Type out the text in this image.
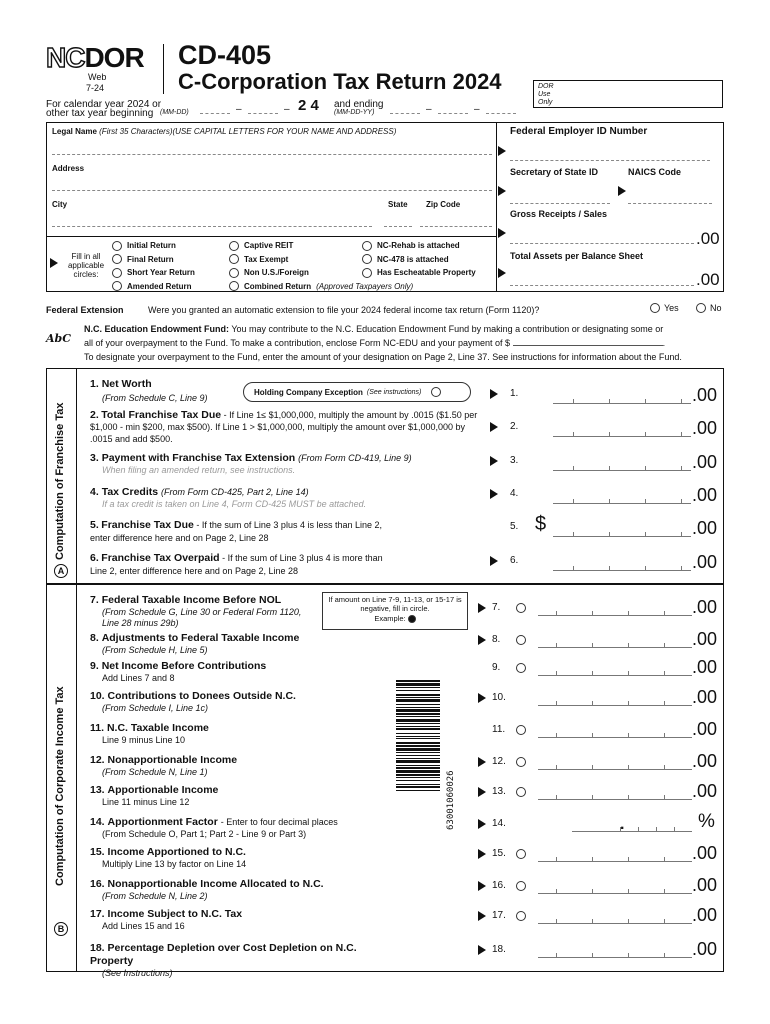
NCDOR
Web
7-24
CD-405
C-Corporation Tax Return 2024	DOR Use Only
For calendar year 2024 or
other tax year beginning (MM-DD)	–	– 2 4 and ending
(MM-DD-YY)	–	–
Legal Name (First 35 Characters)(USE CAPITAL LETTERS FOR YOUR NAME AND ADDRESS)
Address
City	State Zip Code
Federal Employer ID Number
Secretary of State ID	NAICS Code
Gross Receipts / Sales
.00
Total Assets per Balance Sheet
.00
Fill in all applicable circles:
Initial Return
Final Return
Short Year Return
Amended Return
Captive REIT
Tax Exempt
Non U.S./Foreign
Combined Return (Approved Taxpayers Only)
NC-Rehab is attached
NC-478 is attached
Has Escheatable Property
Federal Extension	Were you granted an automatic extension to file your 2024 federal income tax return (Form 1120)?	Yes	No
AbC
N.C. Education Endowment Fund: You may contribute to the N.C. Education Endowment Fund by making a contribution or designating some or
all of your overpayment to the Fund. To make a contribution, enclose Form NC-EDU and your payment of $	.
To designate your overpayment to the Fund, enter the amount of your designation on Page 2, Line 37. See instructions for information about the Fund.
Computation of Franchise Tax
A
1. Net Worth
(From Schedule C, Line 9)
Holding Company Exception (See instructions)
2. Total Franchise Tax Due - If Line 1≤ $1,000,000, multiply the amount by .0015 ($1.50 per $1,000 - min $200, max $500). If Line 1 > $1,000,000, multiply the amount over $1,000,000 by .0015 and add $500.
3. Payment with Franchise Tax Extension (From Form CD-419, Line 9)
When filing an amended return, see instructions.
4. Tax Credits (From Form CD-425, Part 2, Line 14)
If a tax credit is taken on Line 4, Form CD-425 MUST be attached.
5. Franchise Tax Due - If the sum of Line 3 plus 4 is less than Line 2, enter difference here and on Page 2, Line 28
6. Franchise Tax Overpaid - If the sum of Line 3 plus 4 is more than Line 2, enter difference here and on Page 2, Line 28
1.	.00
2.	.00
3.	.00
4.	.00
5. $	.00
6.	.00
Computation of Corporate Income Tax
B
If amount on Line 7-9, 11-13, or 15-17 is negative, fill in circle.
Example:
63001060026
7. Federal Taxable Income Before NOL
(From Schedule G, Line 30 or Federal Form 1120, Line 28 minus 29b)
7.	.00
8. Adjustments to Federal Taxable Income
(From Schedule H, Line 5)
8.	.00
9. Net Income Before Contributions
Add Lines 7 and 8
9.	.00
10. Contributions to Donees Outside N.C.
(From Schedule I, Line 1c)
10.	.00
11. N.C. Taxable Income
Line 9 minus Line 10
11.	.00
12. Nonapportionable Income
(From Schedule N, Line 1)
12.	.00
13. Apportionable Income
Line 11 minus Line 12
13.	.00
14. Apportionment Factor - Enter to four decimal places
(From Schedule O, Part 1; Part 2 - Line 9 or Part 3)
14.	.	%
15. Income Apportioned to N.C.
Multiply Line 13 by factor on Line 14
15.	.00
16. Nonapportionable Income Allocated to N.C.
(From Schedule N, Line 2)
16.	.00
17. Income Subject to N.C. Tax
Add Lines 15 and 16
17.	.00
18. Percentage Depletion over Cost Depletion on N.C. Property
(See Instructions)
18.	.00
